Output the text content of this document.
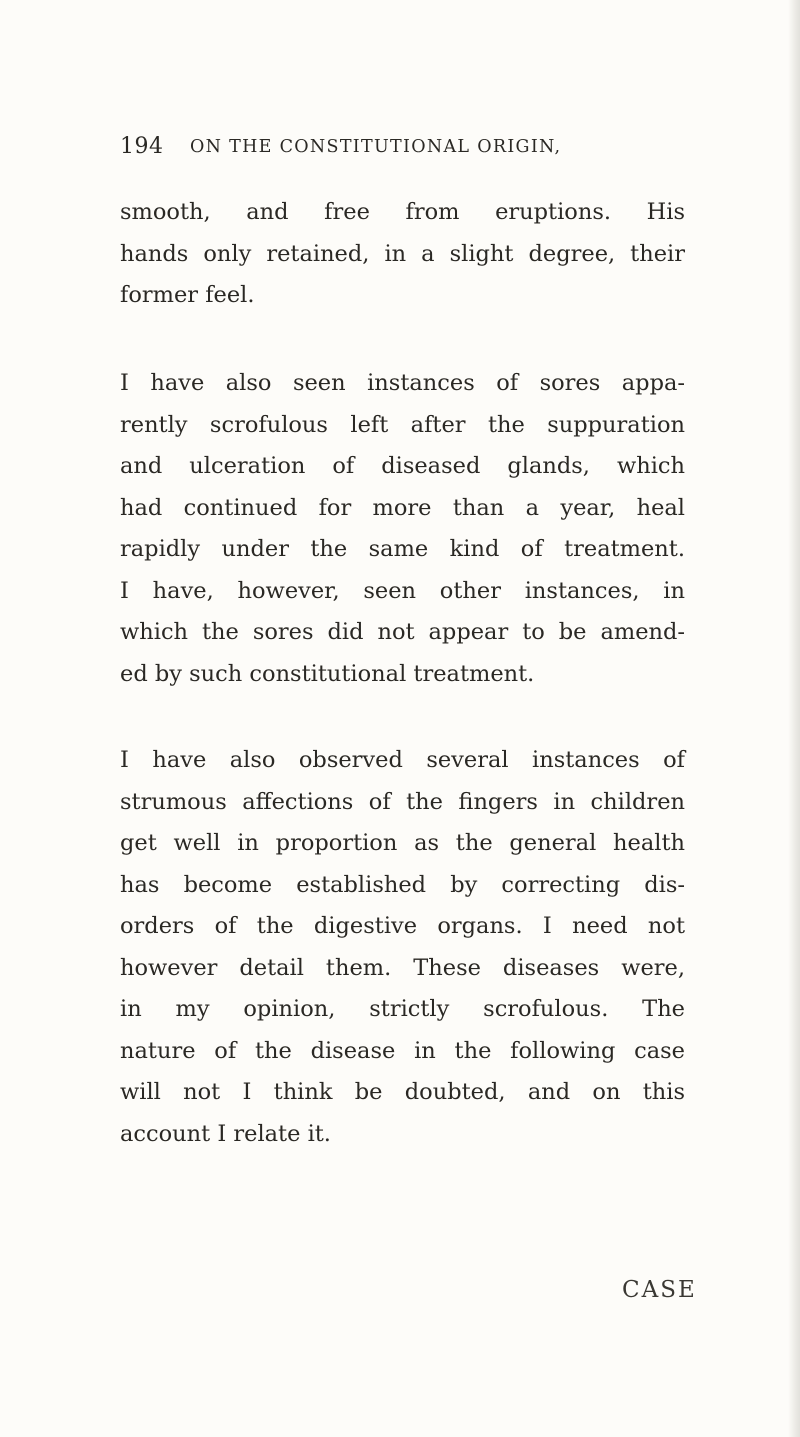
194 ON THE CONSTITUTIONAL ORIGIN,
smooth, and free from eruptions. His
hands only retained, in a slight degree, their
former feel.
I have also seen instances of sores appa-
rently scrofulous left after the suppuration
and ulceration of diseased glands, which
had continued for more than a year, heal
rapidly under the same kind of treatment.
I have, however, seen other instances, in
which the sores did not appear to be amend-
ed by such constitutional treatment.
I have also observed several instances of
strumous affections of the fingers in children
get well in proportion as the general health
has become established by correcting dis-
orders of the digestive organs. I need not
however detail them. These diseases were,
in my opinion, strictly scrofulous. The
nature of the disease in the following case
will not I think be doubted, and on this
account I relate it.
CASE
